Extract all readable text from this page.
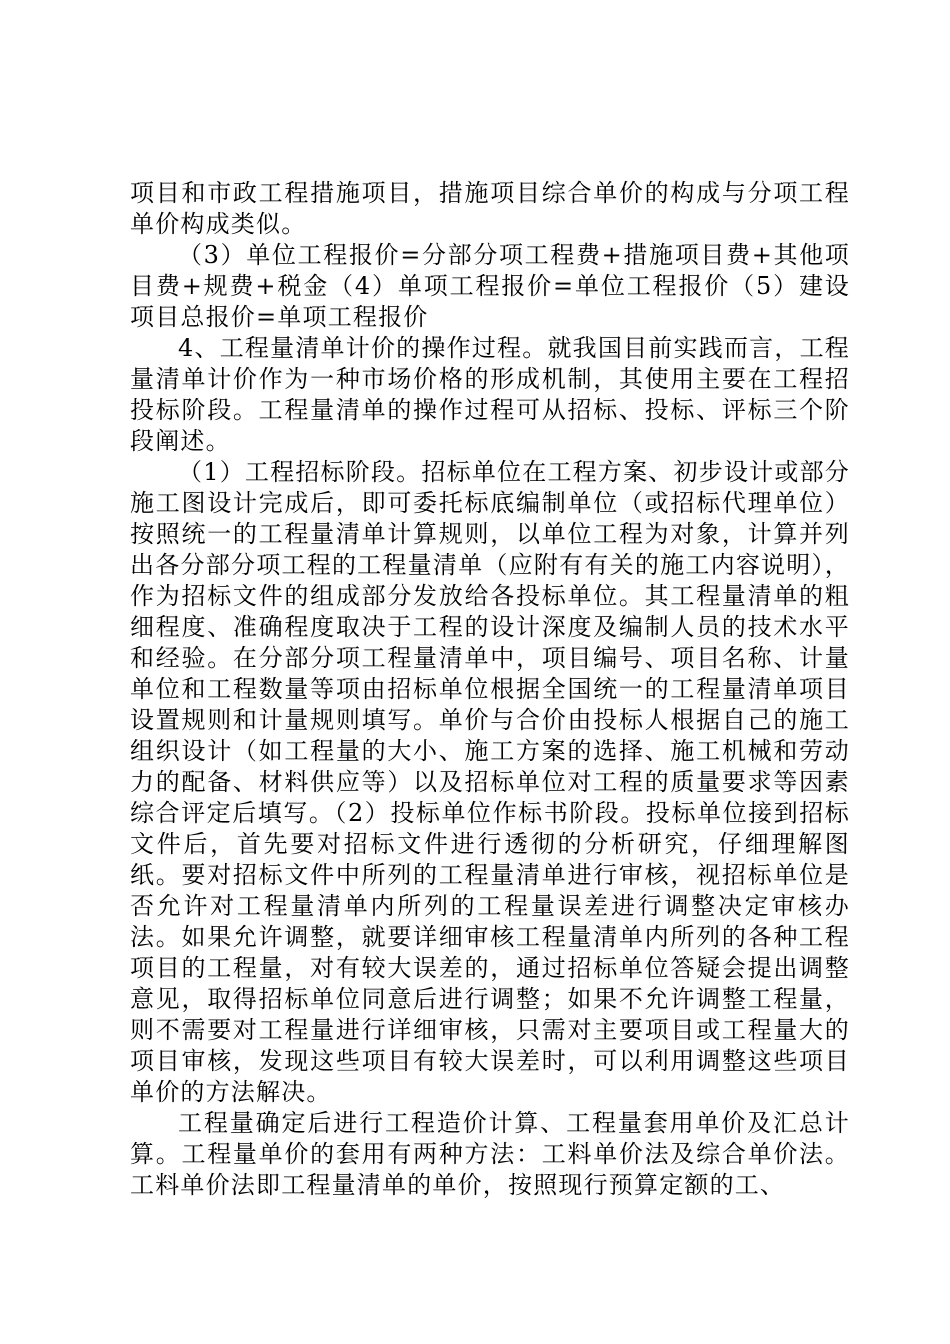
项目和市政工程措施项目，措施项目综合单价的构成与分项工程单价构成类似。

（3）单位工程报价=分部分项工程费+措施项目费+其他项目费+规费+税金（4）单项工程报价=单位工程报价（5）建设项目总报价=单项工程报价

4、工程量清单计价的操作过程。就我国目前实践而言，工程量清单计价作为一种市场价格的形成机制，其使用主要在工程招投标阶段。工程量清单的操作过程可从招标、投标、评标三个阶段阐述。

（1）工程招标阶段。招标单位在工程方案、初步设计或部分施工图设计完成后，即可委托标底编制单位（或招标代理单位）按照统一的工程量清单计算规则，以单位工程为对象，计算并列出各分部分项工程的工程量清单（应附有有关的施工内容说明），作为招标文件的组成部分发放给各投标单位。其工程量清单的粗细程度、准确程度取决于工程的设计深度及编制人员的技术水平和经验。在分部分项工程量清单中，项目编号、项目名称、计量单位和工程数量等项由招标单位根据全国统一的工程量清单项目设置规则和计量规则填写。单价与合价由投标人根据自己的施工组织设计（如工程量的大小、施工方案的选择、施工机械和劳动力的配备、材料供应等）以及招标单位对工程的质量要求等因素综合评定后填写。（2）投标单位作标书阶段。投标单位接到招标文件后，首先要对招标文件进行透彻的分析研究，仔细理解图纸。要对招标文件中所列的工程量清单进行审核，视招标单位是否允许对工程量清单内所列的工程量误差进行调整决定审核办法。如果允许调整，就要详细审核工程量清单内所列的各种工程项目的工程量，对有较大误差的，通过招标单位答疑会提出调整意见，取得招标单位同意后进行调整；如果不允许调整工程量，则不需要对工程量进行详细审核，只需对主要项目或工程量大的项目审核，发现这些项目有较大误差时，可以利用调整这些项目单价的方法解决。

工程量确定后进行工程造价计算、工程量套用单价及汇总计算。工程量单价的套用有两种方法：工料单价法及综合单价法。工料单价法即工程量清单的单价，按照现行预算定额的工、
